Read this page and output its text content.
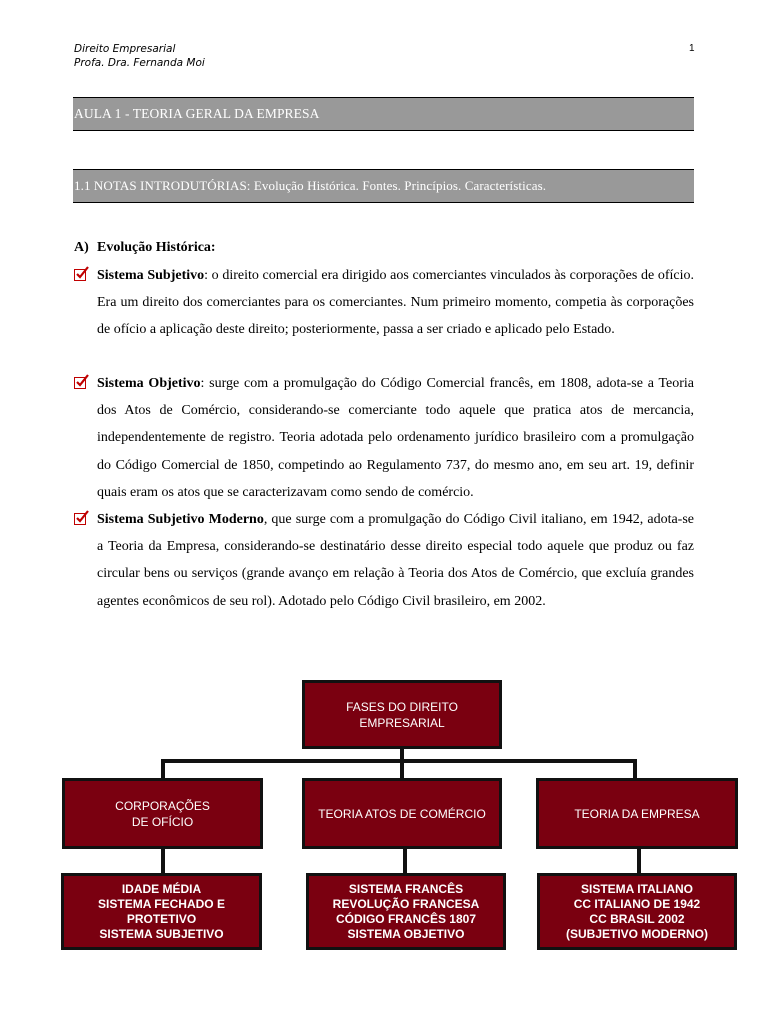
Direito Empresarial
Profa. Dra. Fernanda Moi
1
AULA 1 - TEORIA GERAL DA EMPRESA
1.1 NOTAS INTRODUTÓRIAS: Evolução Histórica. Fontes. Princípios. Características.
A) Evolução Histórica:
Sistema Subjetivo: o direito comercial era dirigido aos comerciantes vinculados às corporações de ofício. Era um direito dos comerciantes para os comerciantes. Num primeiro momento, competia às corporações de ofício a aplicação deste direito; posteriormente, passa a ser criado e aplicado pelo Estado.
Sistema Objetivo: surge com a promulgação do Código Comercial francês, em 1808, adota-se a Teoria dos Atos de Comércio, considerando-se comerciante todo aquele que pratica atos de mercancia, independentemente de registro. Teoria adotada pelo ordenamento jurídico brasileiro com a promulgação do Código Comercial de 1850, competindo ao Regulamento 737, do mesmo ano, em seu art. 19, definir quais eram os atos que se caracterizavam como sendo de comércio.
Sistema Subjetivo Moderno, que surge com a promulgação do Código Civil italiano, em 1942, adota-se a Teoria da Empresa, considerando-se destinatário desse direito especial todo aquele que produz ou faz circular bens ou serviços (grande avanço em relação à Teoria dos Atos de Comércio, que excluía grandes agentes econômicos de seu rol). Adotado pelo Código Civil brasileiro, em 2002.
FASES DO DIREITO EMPRESARIAL
CORPORAÇÕES
DE OFÍCIO
TEORIA ATOS DE COMÉRCIO	TEORIA DA EMPRESA
IDADE MÉDIA
SISTEMA FECHADO E PROTETIVO
SISTEMA SUBJETIVO
SISTEMA FRANCÊS
REVOLUÇÃO FRANCESA
CÓDIGO FRANCÊS 1807
SISTEMA OBJETIVO
SISTEMA ITALIANO
CC ITALIANO DE 1942
CC BRASIL 2002
(SUBJETIVO MODERNO)
